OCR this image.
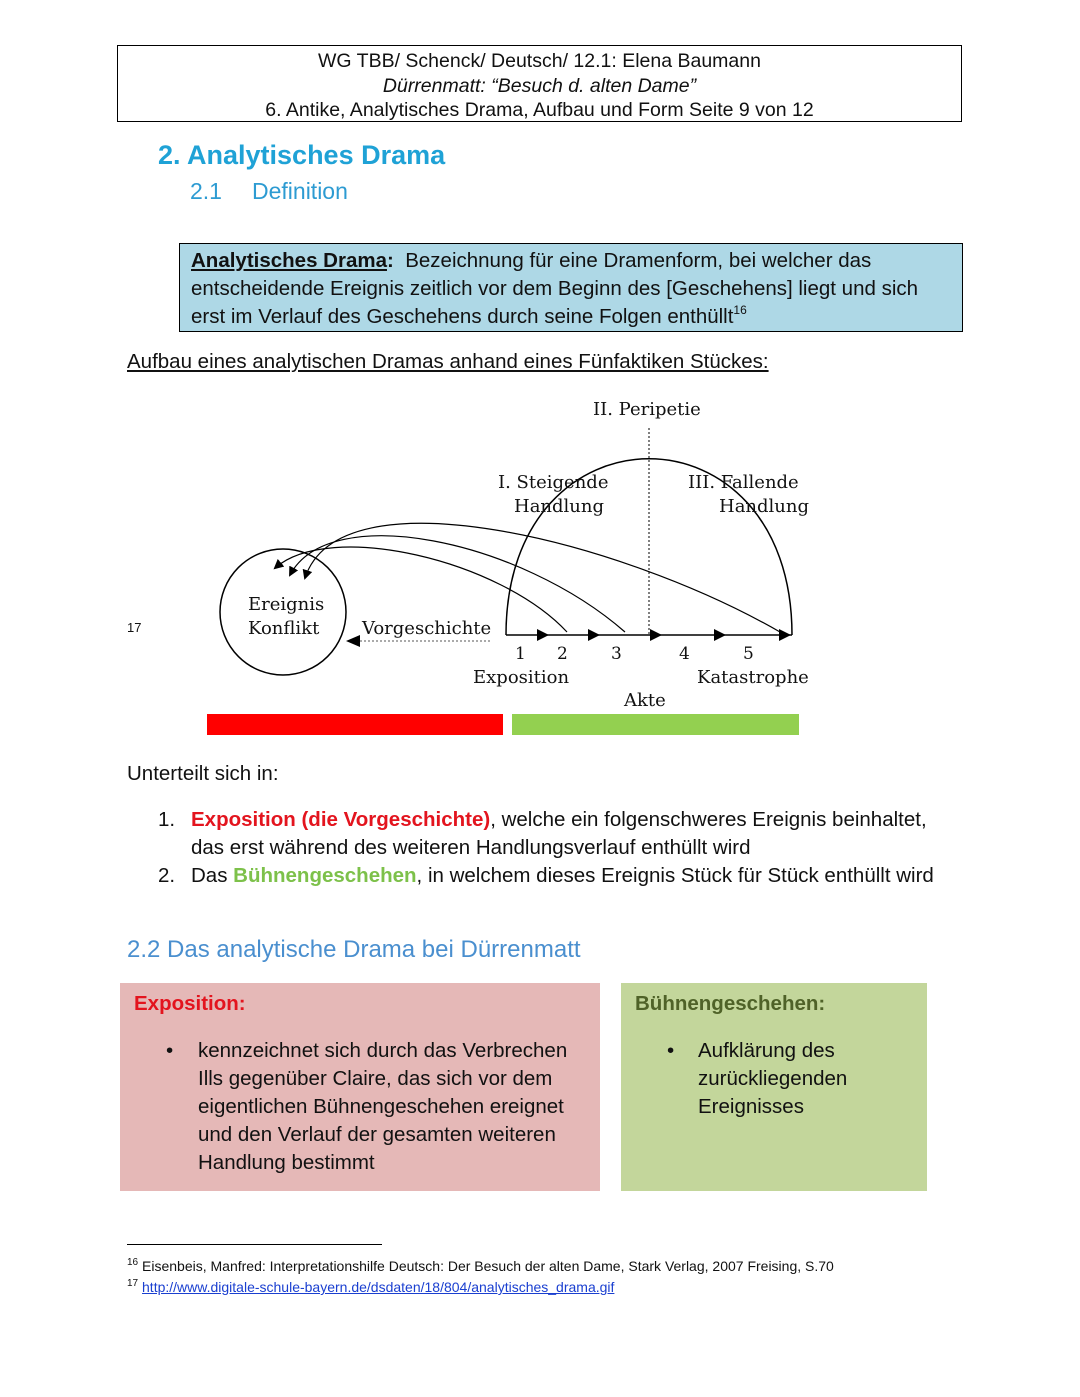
WG TBB/ Schenck/ Deutsch/ 12.1: Elena Baumann
Dürrenmatt: “Besuch d. alten Dame”
6. Antike, Analytisches Drama, Aufbau und Form Seite 9 von 12
2. Analytisches Drama
2.1 Definition
Analytisches Drama: Bezeichnung für eine Dramenform, bei welcher das entscheidende Ereignis zeitlich vor dem Beginn des [Geschehens] liegt und sich erst im Verlauf des Geschehens durch seine Folgen enthüllt$^{16}$
Aufbau eines analytischen Dramas anhand eines Fünfaktiken Stückes:
17
II. Peripetie
I. Steigende
Handlung
III. Fallende
Handlung
Ereignis
Konflikt Vorgeschichte
1 2	3	4	5
Exposition	Katastrophe
Akte
Unterteilt sich in:
1. Exposition (die Vorgeschichte), welche ein folgenschweres Ereignis beinhaltet, das erst während des weiteren Handlungsverlauf enthüllt wird
2. Das Bühnengeschehen, in welchem dieses Ereignis Stück für Stück enthüllt wird
2.2 Das analytische Drama bei Dürrenmatt
Exposition:
• kennzeichnet sich durch das Verbrechen Ills gegenüber Claire, das sich vor dem eigentlichen Bühnengeschehen ereignet und den Verlauf der gesamten weiteren Handlung bestimmt
Bühnengeschehen:
• Aufklärung des zurückliegenden Ereignisses
$^{16}$ Eisenbeis, Manfred: Interpretationshilfe Deutsch: Der Besuch der alten Dame, Stark Verlag, 2007 Freising, S.70
$^{17}$ http://www.digitale-schule-bayern.de/dsdaten/18/804/analytisches_drama.gif
